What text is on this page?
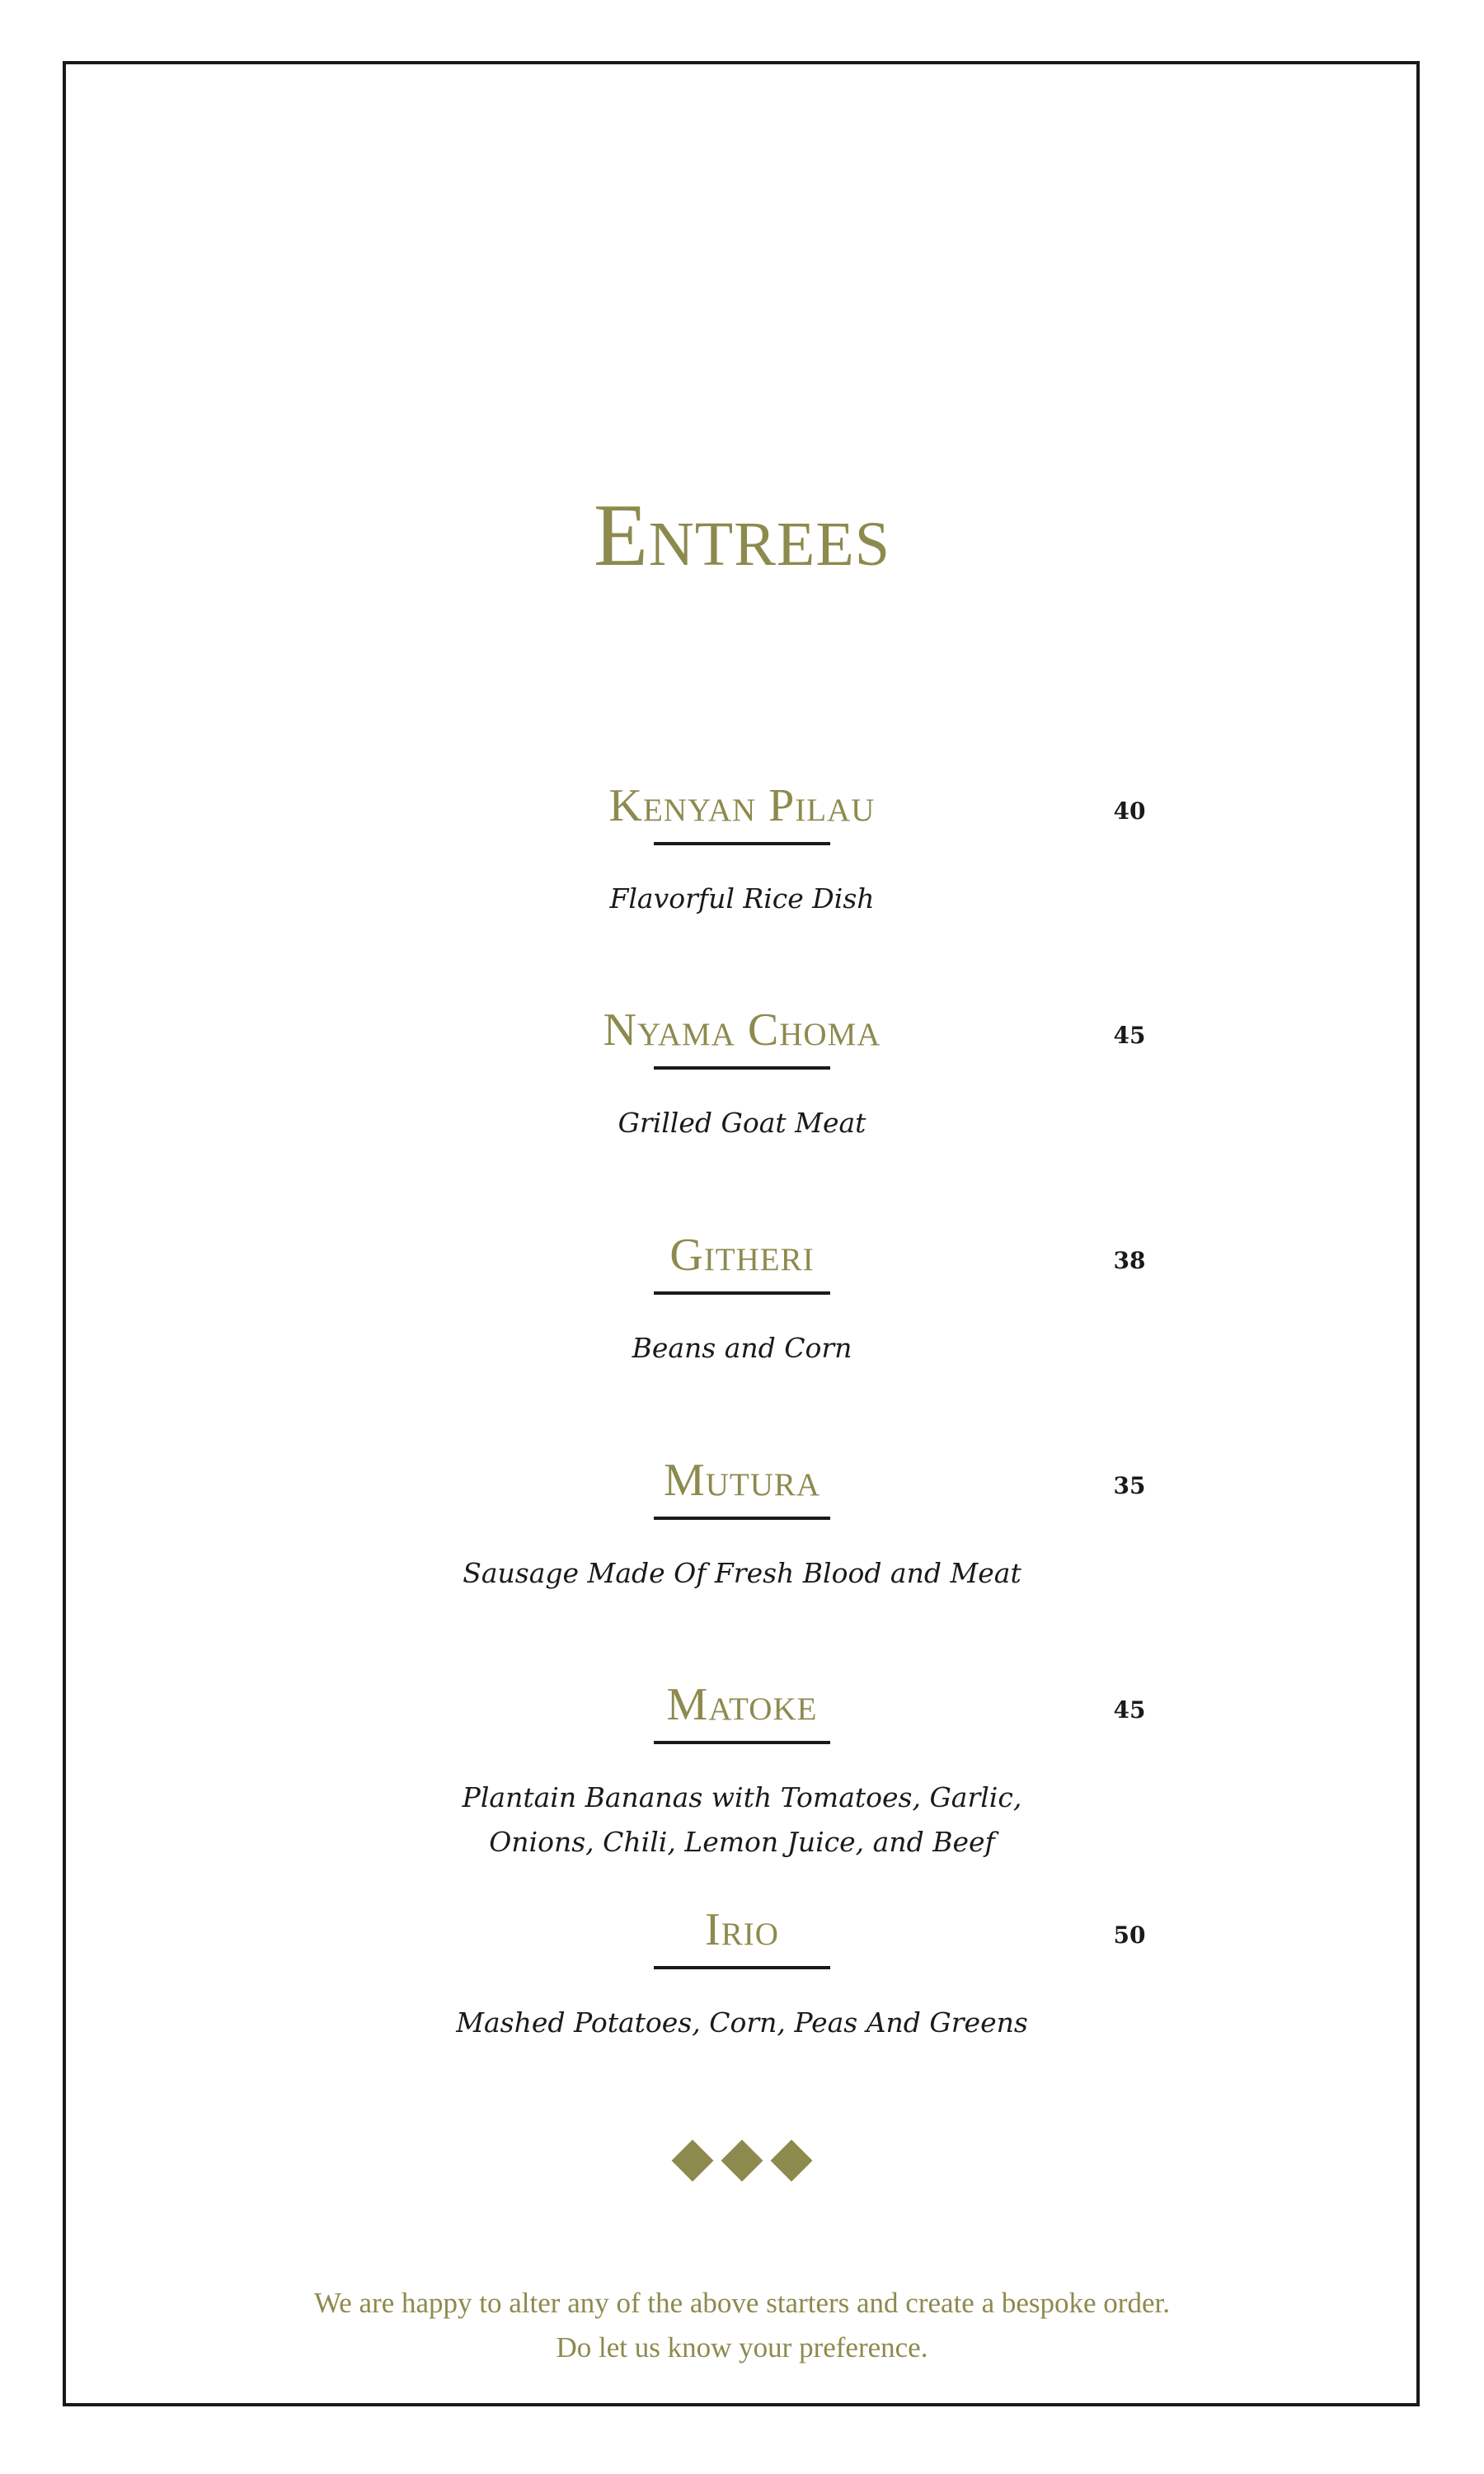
Entrees
Kenyan Pilau	40
Flavorful Rice Dish
Nyama Choma	45
Grilled Goat Meat
Githeri	38
Beans and Corn
Mutura	35
Sausage Made Of Fresh Blood and Meat
Matoke	45
Plantain Bananas with Tomatoes, Garlic, Onions, Chili, Lemon Juice, and Beef
Irio	50
Mashed Potatoes, Corn, Peas And Greens
We are happy to alter any of the above starters and create a bespoke order.
Do let us know your preference.
